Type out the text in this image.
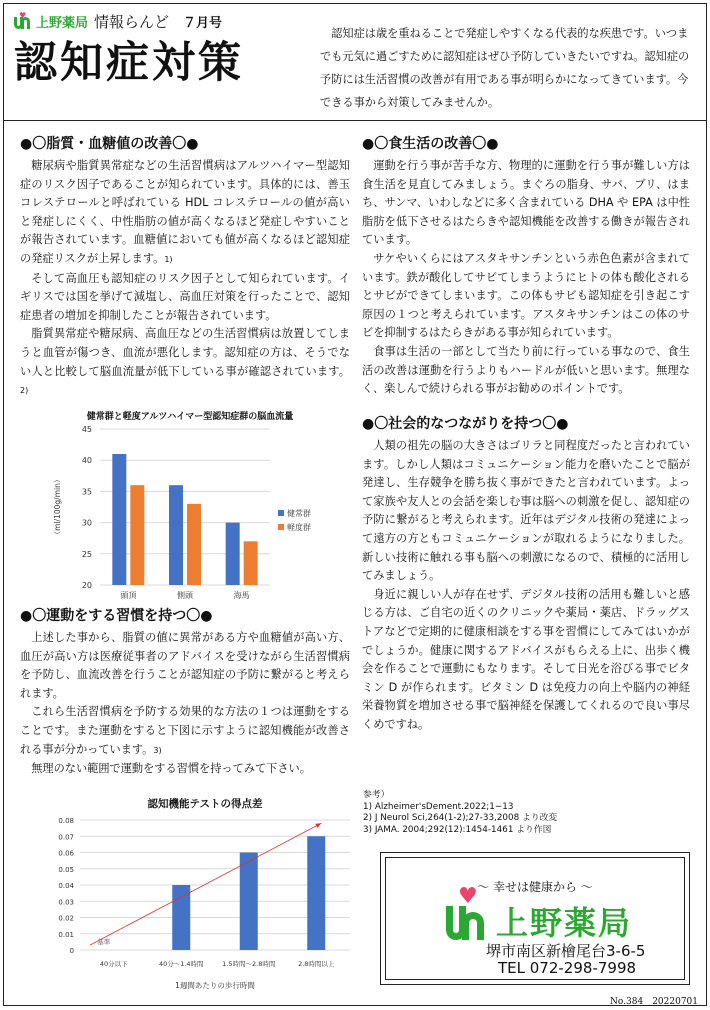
♥ 上野薬局 情報らんど ７月号
認知症対策
認知症は歳を重ねることで発症しやすくなる代表的な疾患です。いつまでも元気に過ごすために認知症はぜひ予防していきたいですね。認知症の予防には生活習慣の改善が有用である事が明らかになってきています。今できる事から対策してみませんか。
●〇脂質・血糖値の改善〇●

糖尿病や脂質異常症などの生活習慣病はアルツハイマー型認知症のリスク因子であることが知られています。具体的には、善玉コレステロールと呼ばれている HDL コレステロールの値が高いと発症しにくく、中性脂肪の値が高くなるほど発症しやすいことが報告されています。血糖値においても値が高くなるほど認知症の発症リスクが上昇します。1)

そして高血圧も認知症のリスク因子として知られています。イギリスでは国を挙げて減塩し、高血圧対策を行ったことで、認知症患者の増加を抑制したことが報告されています。

脂質異常症や糖尿病、高血圧などの生活習慣病は放置してしまうと血管が傷つき、血流が悪化します。認知症の方は、そうでない人と比較して脳血流量が低下している事が確認されています。2)

健常群と軽度アルツハイマー型認知症群の脳血流量
20
25
30
35
40
45
（ml/100g/min）
頭頂	側頭	海馬
健常群
軽度群
●〇運動をする習慣を持つ〇●

上述した事から、脂質の値に異常がある方や血糖値が高い方、血圧が高い方は医療従事者のアドバイスを受けながら生活習慣病を予防し、血流改善を行うことが認知症の予防に繋がると考えられます。

これら生活習慣病を予防する効果的な方法の１つは運動をすることです。また運動をすると下図に示すように認知機能が改善される事が分かっています。3)

無理のない範囲で運動をする習慣を持ってみて下さい。

認知機能テストの得点差
0
0.01
0.02
0.03
0.04
0.05
0.06
0.07
0.08
40分以下	40分～1.4時間	1.5時間～2.8時間	2.8時間以上
基準
1週間あたりの歩行時間
●〇食生活の改善〇●

運動を行う事が苦手な方、物理的に運動を行う事が難しい方は食生活を見直してみましょう。まぐろの脂身、サバ、ブリ、はまち、サンマ、いわしなどに多く含まれている DHA や EPA は中性脂肪を低下させるはたらきや認知機能を改善する働きが報告されています。

サケやいくらにはアスタキサンチンという赤色色素が含まれています。鉄が酸化してサビてしまうようにヒトの体も酸化されるとサビができてしまいます。この体もサビも認知症を引き起こす原因の１つと考えられています。アスタキサンチンはこの体のサビを抑制するはたらきがある事が知られています。

食事は生活の一部として当たり前に行っている事なので、食生活の改善は運動を行うよりもハードルが低いと思います。無理なく、楽しんで続けられる事がお勧めのポイントです。

●〇社会的なつながりを持つ〇●

人類の祖先の脳の大きさはゴリラと同程度だったと言われています。しかし人類はコミュニケーション能力を磨いたことで脳が発達し、生存競争を勝ち抜く事ができたと言われています。よって家族や友人との会話を楽しむ事は脳への刺激を促し、認知症の予防に繋がると考えられます。近年はデジタル技術の発達によって遠方の方ともコミュニケーションが取れるようになりました。新しい技術に触れる事も脳への刺激になるので、積極的に活用してみましょう。

身近に親しい人が存在せず、デジタル技術の活用も難しいと感じる方は、ご自宅の近くのクリニックや薬局・薬店、ドラッグストアなどで定期的に健康相談をする事を習慣にしてみてはいかがでしょうか。健康に関するアドバイスがもらえる上に、出歩く機会を作ることで運動にもなります。そして日光を浴びる事でビタミン D が作られます。ビタミン D は免疫力の向上や脳内の神経栄養物質を増加させる事で脳神経を保護してくれるので良い事尽くめですね。

参考）
1) Alzheimer'sDement.2022;1−13
2) J Neurol Sci,264(1-2);27-33,2008 より改変
3) JAMA. 2004;292(12):1454-1461 より作図
～ 幸せは健康から ～
♥
上野薬局
堺市南区新檜尾台3-6-5
TEL 072-298-7998
No.384　20220701
